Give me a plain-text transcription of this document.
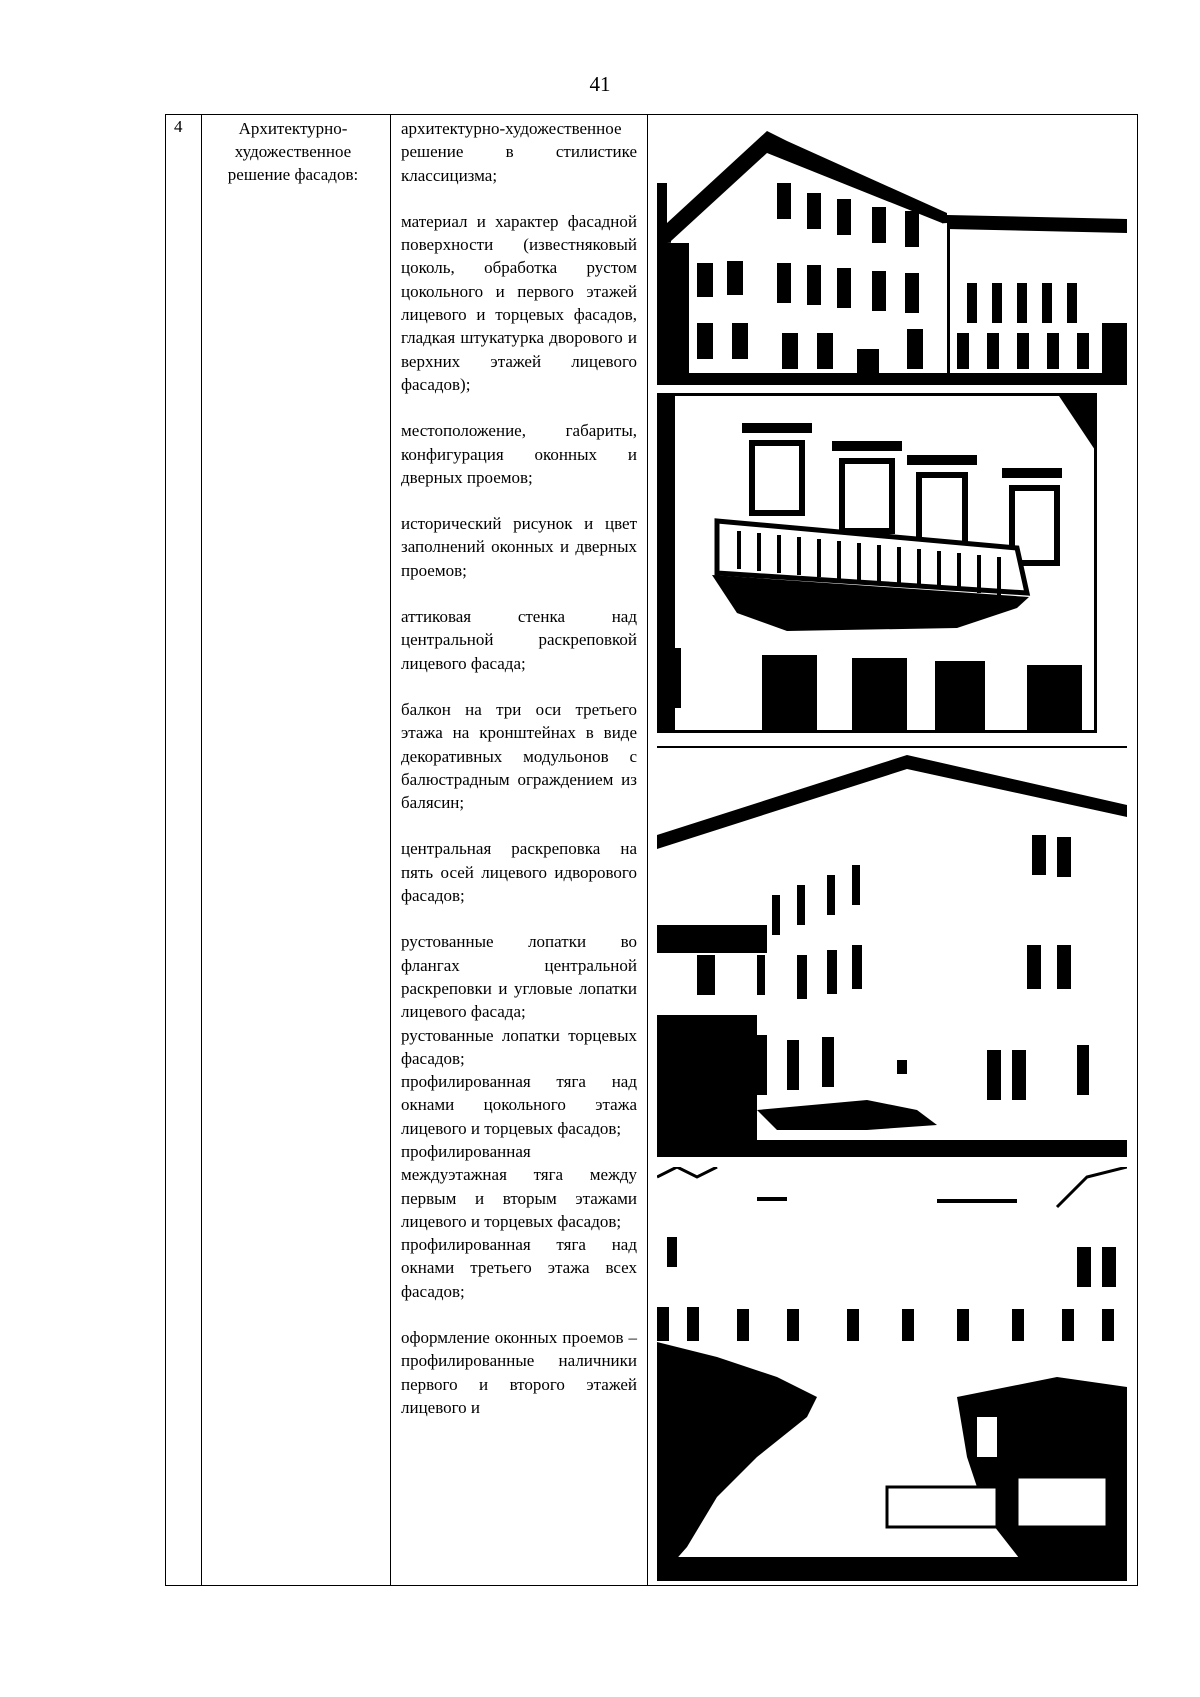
41
4	Архитектурно-художественное решение фасадов:

архитектурно-художественное решение в стилистике классицизма;

материал и характер фасадной поверхности (известняковый цоколь, обработка рустом цокольного и первого этажей лицевого и торцевых фасадов, гладкая штукатурка дворового и верхних этажей лицевого фасадов);

местоположение, габариты, конфигурация оконных и дверных проемов;

исторический рисунок и цвет заполнений оконных и дверных проемов;

аттиковая стенка над центральной раскреповкой лицевого фасада;

балкон на три оси третьего этажа на кронштейнах в виде декоративных модульонов с балюстрадным ограждением из балясин;

центральная раскреповка на пять осей лицевого идворового фасадов;

рустованные лопатки во флангах центральной раскреповки и угловые лопатки лицевого фасада;

рустованные лопатки торцевых фасадов;

профилированная тяга над окнами цокольного этажа лицевого и торцевых фасадов;

профилированная междуэтажная тяга между первым и вторым этажами лицевого и торцевых фасадов;

профилированная тяга над окнами третьего этажа всех фасадов;

оформление оконных проемов – профилированные наличники первого и второго этажей лицевого и
